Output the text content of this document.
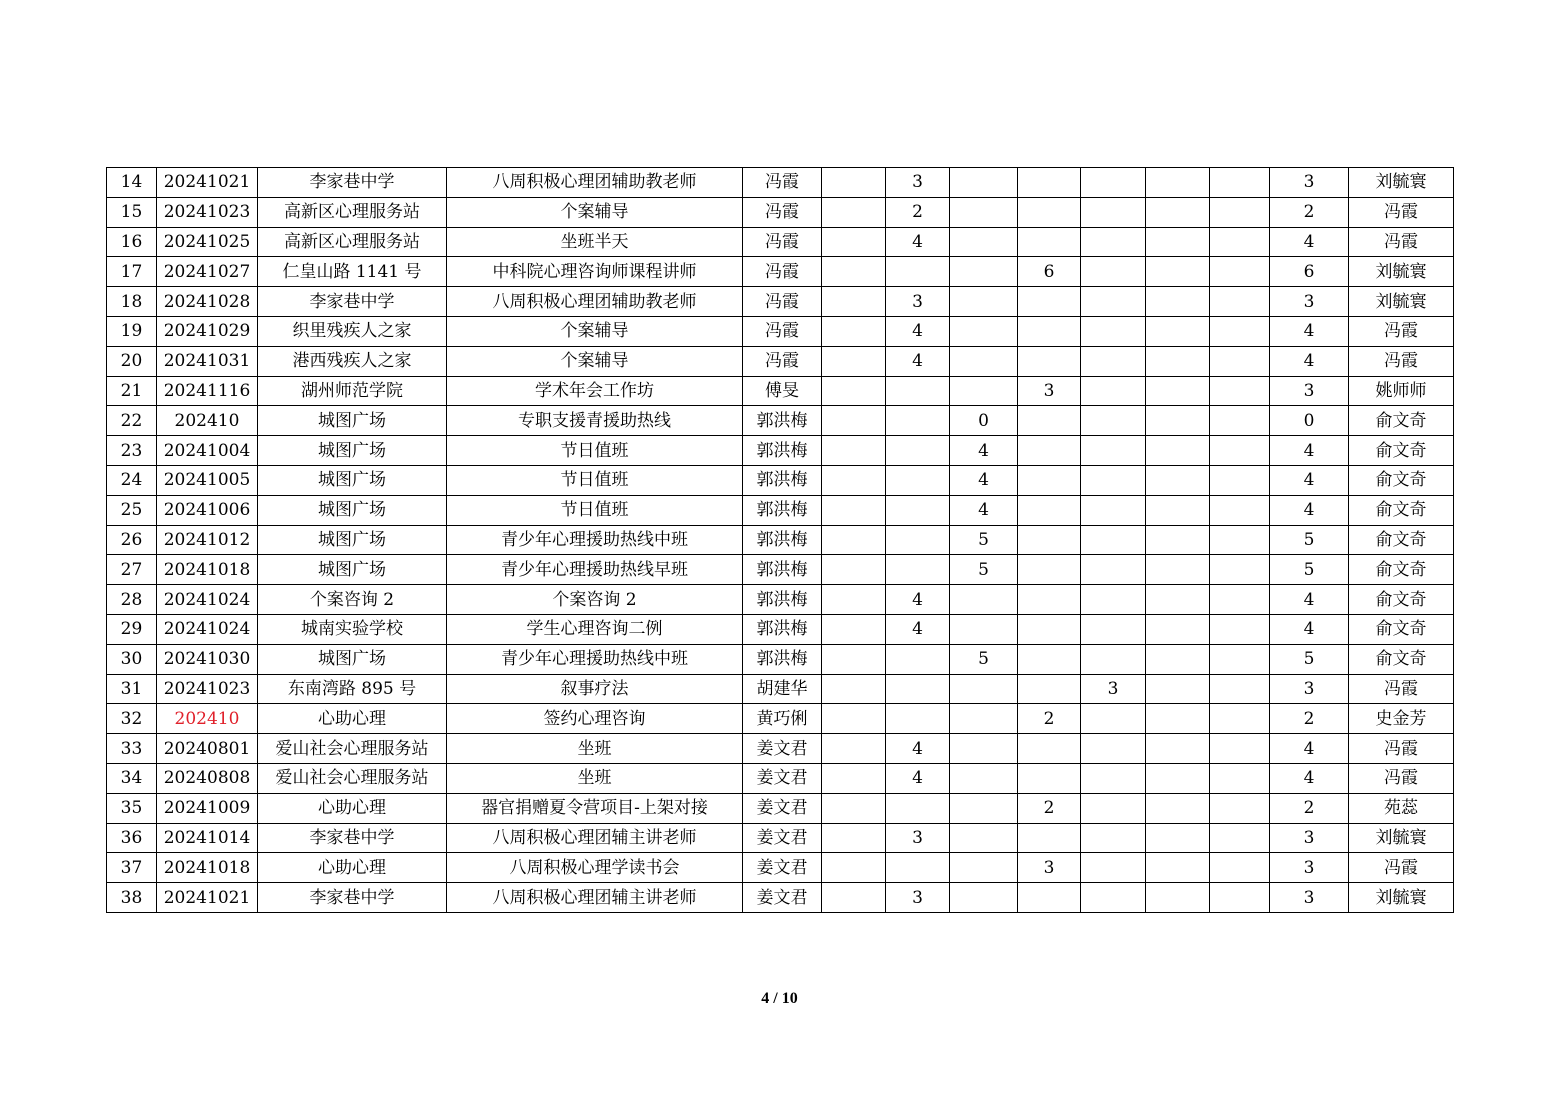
14	20241021	李家巷中学	八周积极心理团辅助教老师	冯霞		3						3	刘毓寰
15	20241023	高新区心理服务站	个案辅导	冯霞		2						2	冯霞
16	20241025	高新区心理服务站	坐班半天	冯霞		4						4	冯霞
17	20241027	仁皇山路 1141 号	中科院心理咨询师课程讲师	冯霞				6				6	刘毓寰
18	20241028	李家巷中学	八周积极心理团辅助教老师	冯霞		3						3	刘毓寰
19	20241029	织里残疾人之家	个案辅导	冯霞		4						4	冯霞
20	20241031	港西残疾人之家	个案辅导	冯霞		4						4	冯霞
21	20241116	湖州师范学院	学术年会工作坊	傅旻				3				3	姚师师
22	202410	城图广场	专职支援青援助热线	郭洪梅			0					0	俞文奇
23	20241004	城图广场	节日值班	郭洪梅			4					4	俞文奇
24	20241005	城图广场	节日值班	郭洪梅			4					4	俞文奇
25	20241006	城图广场	节日值班	郭洪梅			4					4	俞文奇
26	20241012	城图广场	青少年心理援助热线中班	郭洪梅			5					5	俞文奇
27	20241018	城图广场	青少年心理援助热线早班	郭洪梅			5					5	俞文奇
28	20241024	个案咨询 2	个案咨询 2	郭洪梅		4						4	俞文奇
29	20241024	城南实验学校	学生心理咨询二例	郭洪梅		4						4	俞文奇
30	20241030	城图广场	青少年心理援助热线中班	郭洪梅			5					5	俞文奇
31	20241023	东南湾路 895 号	叙事疗法	胡建华					3			3	冯霞
32	202410	心助心理	签约心理咨询	黄巧俐				2				2	史金芳
33	20240801	爱山社会心理服务站	坐班	姜文君		4						4	冯霞
34	20240808	爱山社会心理服务站	坐班	姜文君		4						4	冯霞
35	20241009	心助心理	器官捐赠夏令营项目-上架对接	姜文君				2				2	苑蕊
36	20241014	李家巷中学	八周积极心理团辅主讲老师	姜文君		3						3	刘毓寰
37	20241018	心助心理	八周积极心理学读书会	姜文君				3				3	冯霞
38	20241021	李家巷中学	八周积极心理团辅主讲老师	姜文君		3						3	刘毓寰
4 / 10
